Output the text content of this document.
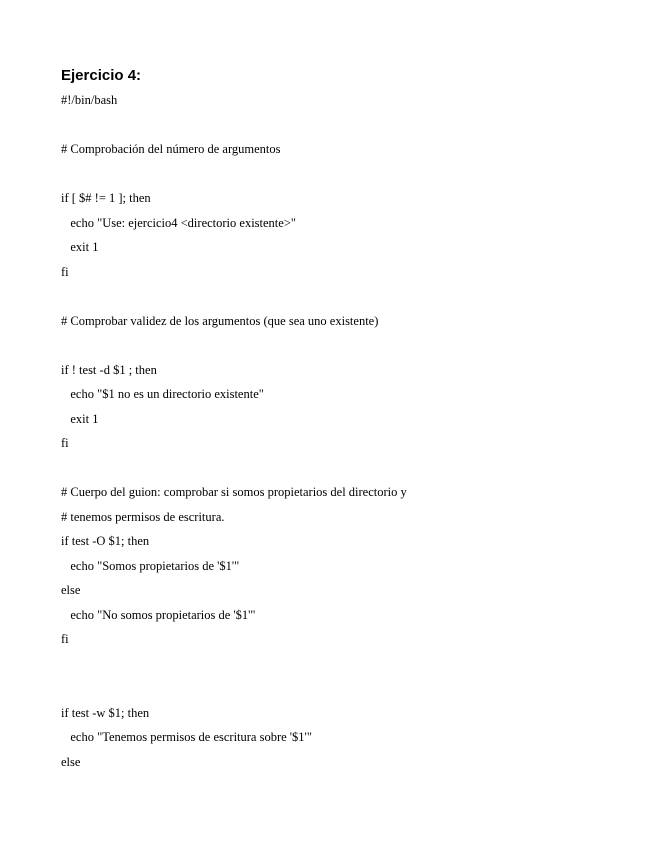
Ejercicio 4:
#!/bin/bash
# Comprobación del número de argumentos
if [ $# != 1 ]; then
echo "Use: ejercicio4 <directorio existente>"
exit 1
fi
# Comprobar validez de los argumentos (que sea uno existente)
if ! test -d $1 ; then
echo "$1 no es un directorio existente"
exit 1
fi
# Cuerpo del guion: comprobar si somos propietarios del directorio y
# tenemos permisos de escritura.
if test -O $1; then
echo "Somos propietarios de '$1'"
else
echo "No somos propietarios de '$1'"
fi
if test -w $1; then
echo "Tenemos permisos de escritura sobre '$1'"
else
